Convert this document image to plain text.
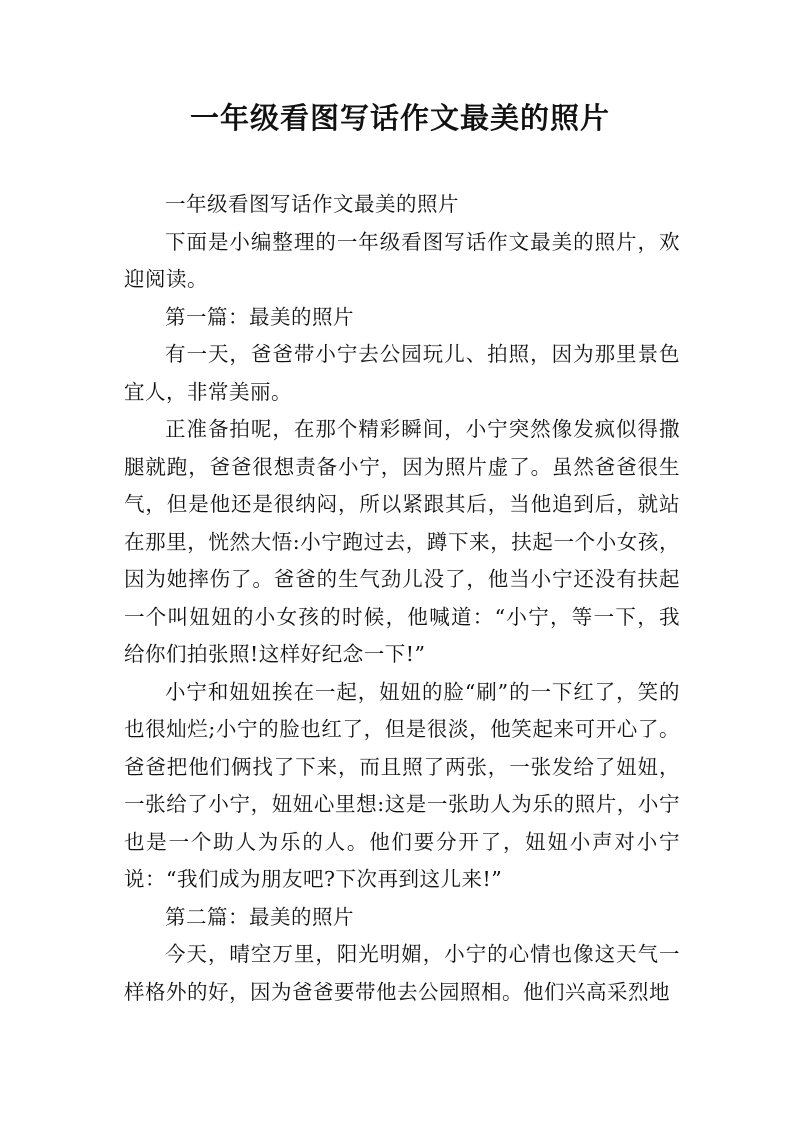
一年级看图写话作文最美的照片

一年级看图写话作文最美的照片

下面是小编整理的一年级看图写话作文最美的照片，欢迎阅读。

第一篇：最美的照片

有一天，爸爸带小宁去公园玩儿、拍照，因为那里景色宜人，非常美丽。

正准备拍呢，在那个精彩瞬间，小宁突然像发疯似得撒腿就跑，爸爸很想责备小宁，因为照片虚了。虽然爸爸很生气，但是他还是很纳闷，所以紧跟其后，当他追到后，就站在那里，恍然大悟:小宁跑过去，蹲下来，扶起一个小女孩，因为她摔伤了。爸爸的生气劲儿没了，他当小宁还没有扶起一个叫妞妞的小女孩的时候，他喊道：“小宁，等一下，我给你们拍张照!这样好纪念一下!”

小宁和妞妞挨在一起，妞妞的脸“刷”的一下红了，笑的也很灿烂;小宁的脸也红了，但是很淡，他笑起来可开心了。爸爸把他们俩找了下来，而且照了两张，一张发给了妞妞，一张给了小宁，妞妞心里想:这是一张助人为乐的照片，小宁也是一个助人为乐的人。他们要分开了，妞妞小声对小宁说：“我们成为朋友吧?下次再到这儿来!”

第二篇：最美的照片

今天，晴空万里，阳光明媚，小宁的心情也像这天气一样格外的好，因为爸爸要带他去公园照相。他们兴高采烈地
